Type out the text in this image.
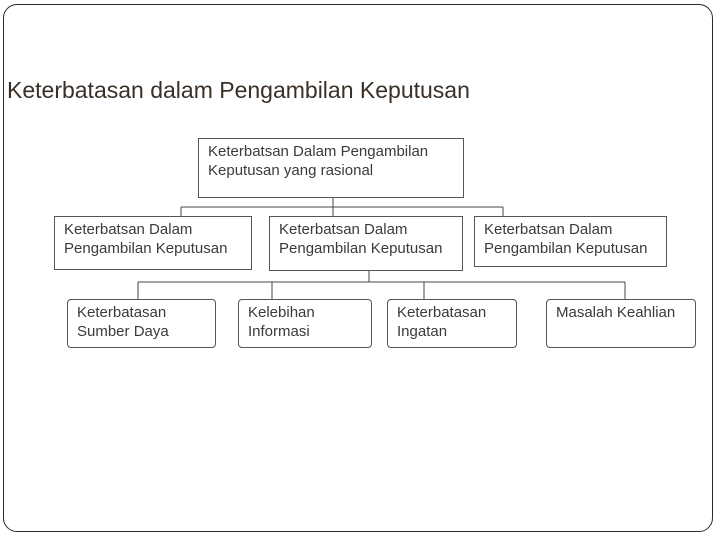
Keterbatasan dalam Pengambilan Keputusan
Keterbatsan Dalam Pengambilan Keputusan yang rasional
Keterbatsan Dalam Pengambilan Keputusan
Keterbatsan Dalam Pengambilan Keputusan
Keterbatsan Dalam Pengambilan Keputusan
Keterbatasan Sumber Daya
Kelebihan Informasi
Keterbatasan Ingatan
Masalah Keahlian
